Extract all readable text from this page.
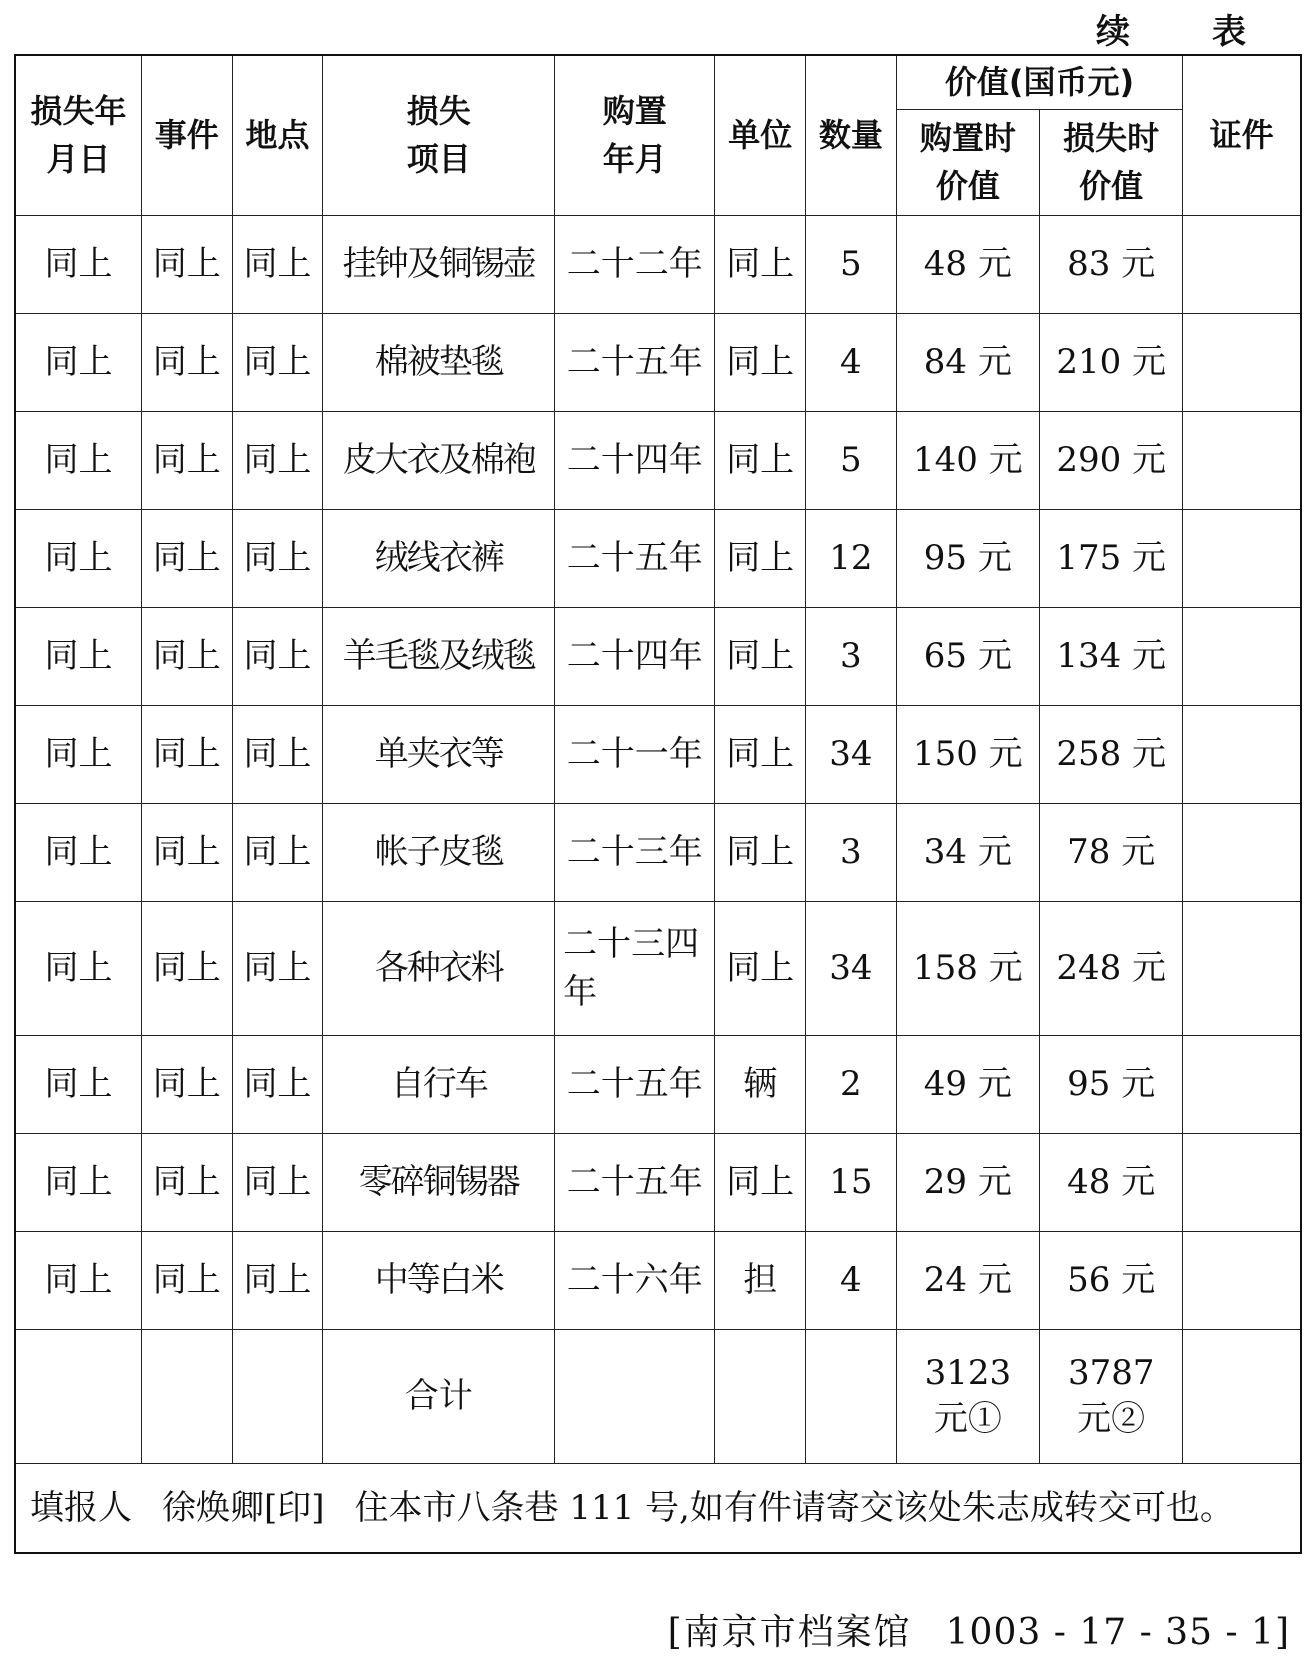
续　表
损失年月日	事件	地点	损失项目	购置年月	单位	数量	价值(国币元)		证件
							购置时价值	损失时价值	
同上	同上	同上	挂钟及铜锡壶	二十二年	同上	5	48 元	83 元	
同上	同上	同上	棉被垫毯	二十五年	同上	4	84 元	210 元	
同上	同上	同上	皮大衣及棉袍	二十四年	同上	5	140 元	290 元	
同上	同上	同上	绒线衣裤	二十五年	同上	12	95 元	175 元	
同上	同上	同上	羊毛毯及绒毯	二十四年	同上	3	65 元	134 元	
同上	同上	同上	单夹衣等	二十一年	同上	34	150 元	258 元	
同上	同上	同上	帐子皮毯	二十三年	同上	3	34 元	78 元	
同上	同上	同上	各种衣料	二十三四年	同上	34	158 元	248 元	
同上	同上	同上	自行车	二十五年	辆	2	49 元	95 元	
同上	同上	同上	零碎铜锡器	二十五年	同上	15	29 元	48 元	
同上	同上	同上	中等白米	二十六年	担	4	24 元	56 元	
			合计				3123 元①	3787 元②	
填报人 徐焕卿[印] 住本市八条巷 111 号,如有件请寄交该处朱志成转交可也。									
[南京市档案馆 1003 - 17 - 35 - 1]
